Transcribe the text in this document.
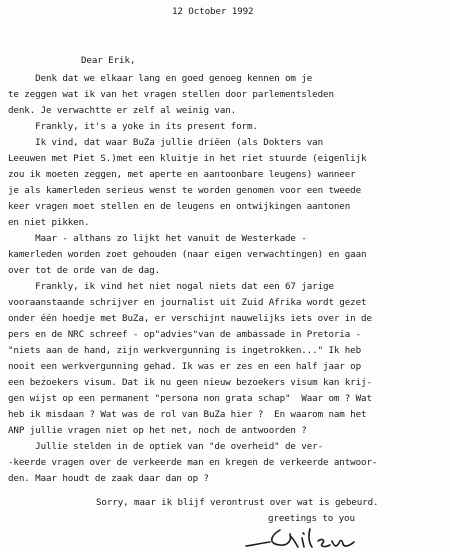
12 October 1992
Dear Erik,
Denk dat we elkaar lang en goed genoeg kennen om je
te zeggen wat ik van het vragen stellen door parlementsleden
denk. Je verwachtte er zelf al weinig van.
Frankly, it's a yoke in its present form.
Ik vind, dat waar BuZa jullie driëen (als Dokters van
Leeuwen met Piet S.)met een kluitje in het riet stuurde (eigenlijk
zou ik moeten zeggen, met aperte en aantoonbare leugens) wanneer
je als kamerleden serieus wenst te worden genomen voor een tweede
keer vragen moet stellen en de leugens en ontwijkingen aantonen
en niet pikken.
Maar - althans zo lijkt het vanuit de Westerkade -
kamerleden worden zoet gehouden (naar eigen verwachtingen) en gaan
over tot de orde van de dag.
Frankly, ik vind het niet nogal niets dat een 67 jarige
vooraanstaande schrijver en journalist uit Zuid Afrika wordt gezet
onder één hoedje met BuZa, er verschijnt nauwelijks iets over in de
pers en de NRC schreef - op"advies"van de ambassade in Pretoria -
"niets aan de hand, zijn werkvergunning is ingetrokken..." Ik heb
nooit een werkvergunning gehad. Ik was er zes en een half jaar op
een bezoekers visum. Dat ik nu geen nieuw bezoekers visum kan krij-
gen wijst op een permanent "persona non grata schap"  Waar om ? Wat
heb ik misdaan ? Wat was de rol van BuZa hier ?  En waarom nam het
ANP jullie vragen niet op het net, noch de antwoorden ?
Jullie stelden in de optiek van "de overheid" de ver-
-keerde vragen over de verkeerde man en kregen de verkeerde antwoor-
den. Maar houdt de zaak daar dan op ?
Sorry, maar ik blijf verontrust over wat is gebeurd.
greetings to you
